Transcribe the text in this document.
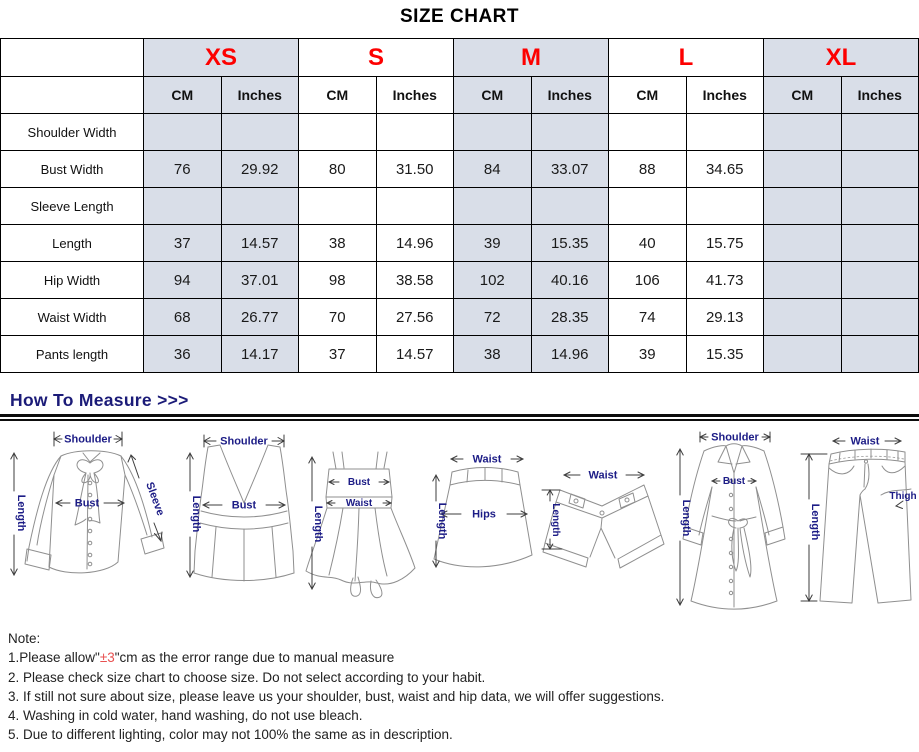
SIZE CHART
	XS		S		M		L		XL	
	CM	Inches	CM	Inches	CM	Inches	CM	Inches	CM	Inches
Shoulder Width										
Bust Width	76	29.92	80	31.50	84	33.07	88	34.65		
Sleeve Length										
Length	37	14.57	38	14.96	39	15.35	40	15.75		
Hip Width	94	37.01	98	38.58	102	40.16	106	41.73		
Waist Width	68	26.77	70	27.56	72	28.35	74	29.13		
Pants length	36	14.17	37	14.57	38	14.96	39	15.35		
How To Measure >>>
Shoulder
Length	Bust	Sleeve
Shoulder
Length	Bust
Bust
Waist
Length
Waist
Hips
Length
Waist
Length
Shoulder
Bust
Length
Waist
Thigh
Length
Note:
1.Please allow"±3"cm as the error range due to manual measure
2. Please check size chart to choose size. Do not select according to your habit.
3. If still not sure about size, please leave us your shoulder, bust, waist and hip data, we will offer suggestions.
4. Washing in cold water, hand washing, do not use bleach.
5. Due to different lighting, color may not 100% the same as in description.
